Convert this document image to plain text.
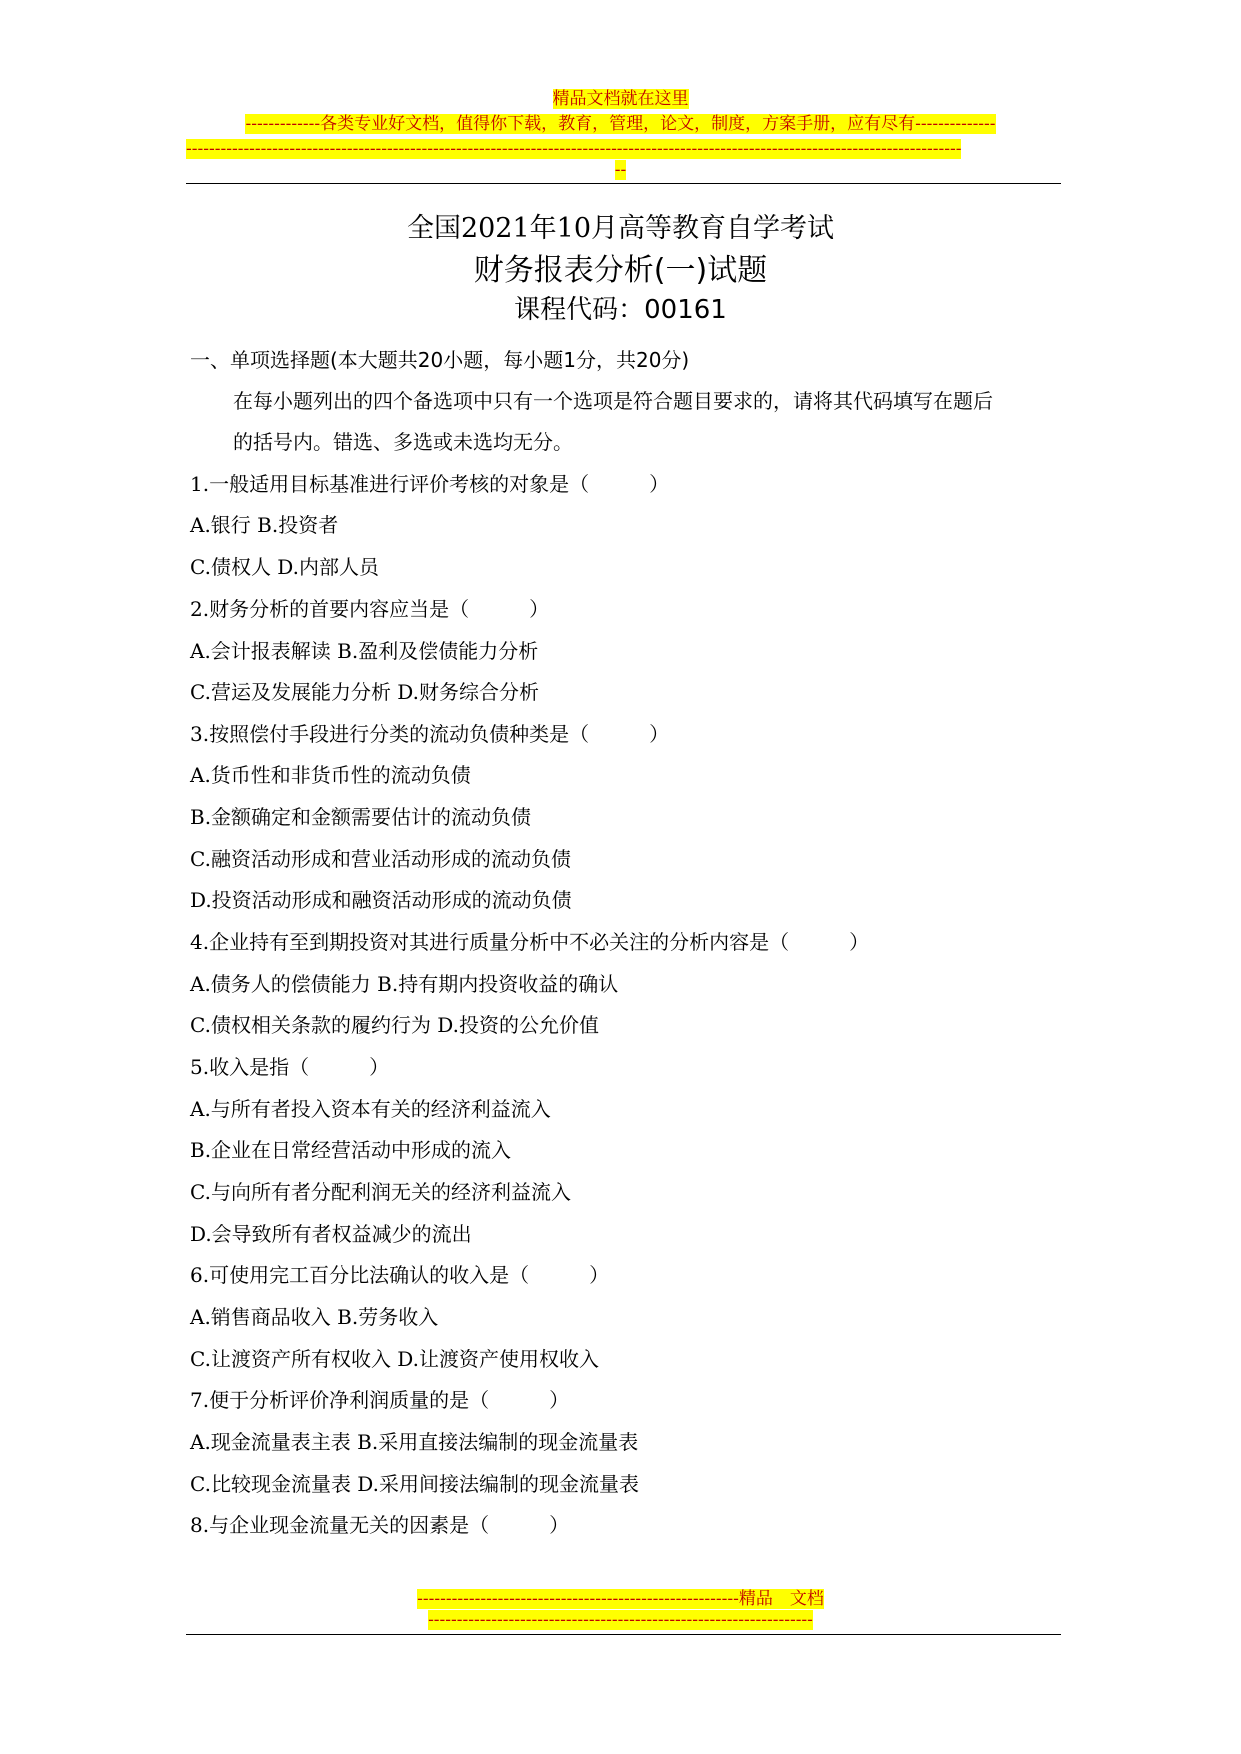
精品文档就在这里
-------------各类专业好文档，值得你下载，教育，管理，论文，制度，方案手册，应有尽有--------------
---------------------------------------------------------------------------------------------------------------------------------------
--
全国2021年10月高等教育自学考试
财务报表分析(一)试题
课程代码：00161
一、单项选择题(本大题共20小题，每小题1分，共20分)
在每小题列出的四个备选项中只有一个选项是符合题目要求的，请将其代码填写在题后
的括号内。错选、多选或未选均无分。
1.一般适用目标基准进行评价考核的对象是（　　　）
A.银行 B.投资者
C.债权人 D.内部人员
2.财务分析的首要内容应当是（　　　）
A.会计报表解读 B.盈利及偿债能力分析
C.营运及发展能力分析 D.财务综合分析
3.按照偿付手段进行分类的流动负债种类是（　　　）
A.货币性和非货币性的流动负债
B.金额确定和金额需要估计的流动负债
C.融资活动形成和营业活动形成的流动负债
D.投资活动形成和融资活动形成的流动负债
4.企业持有至到期投资对其进行质量分析中不必关注的分析内容是（　　　）
A.债务人的偿债能力 B.持有期内投资收益的确认
C.债权相关条款的履约行为 D.投资的公允价值
5.收入是指（　　　）
A.与所有者投入资本有关的经济利益流入
B.企业在日常经营活动中形成的流入
C.与向所有者分配利润无关的经济利益流入
D.会导致所有者权益减少的流出
6.可使用完工百分比法确认的收入是（　　　）
A.销售商品收入 B.劳务收入
C.让渡资产所有权收入 D.让渡资产使用权收入
7.便于分析评价净利润质量的是（　　　）
A.现金流量表主表 B.采用直接法编制的现金流量表
C.比较现金流量表 D.采用间接法编制的现金流量表
8.与企业现金流量无关的因素是（　　　）
--------------------------------------------------------精品　文档
-------------------------------------------------------------------
